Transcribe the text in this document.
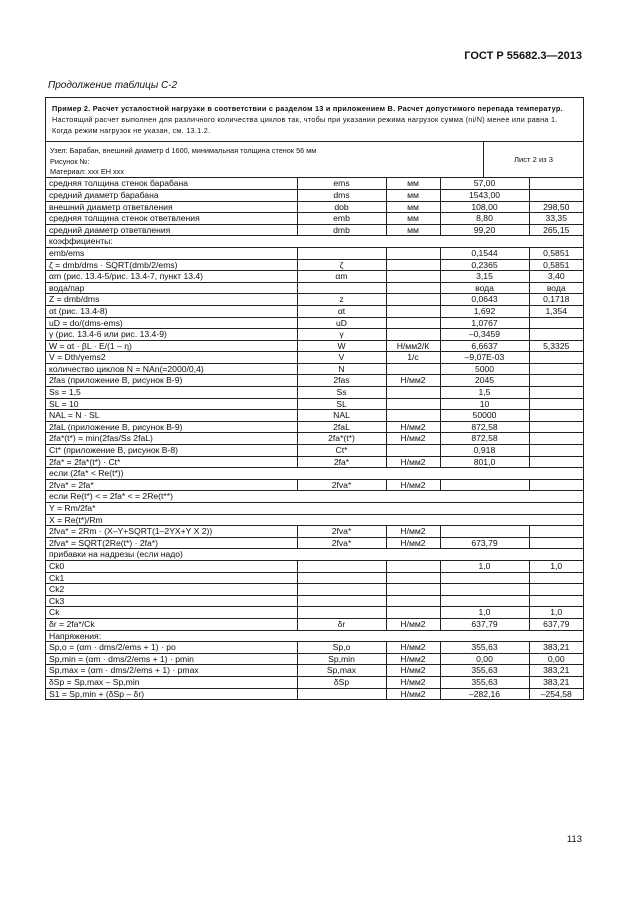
ГОСТ Р 55682.3—2013
Продолжение таблицы С-2
Пример 2. Расчет усталостной нагрузки в соответствии с разделом 13 и приложением В. Расчет допустимого перепада температур.
Настоящий расчет выполнен для различного количества циклов так, чтобы при указании режима нагрузок сумма (ni/N) менее или равна 1. Когда режим нагрузок не указан, см. 13.1.2.
Узел: Барабан, внешний диаметр d 1600, минимальная толщина стенок 56 мм
Рисунок №:
Материал: xxx EH xxx
Лист 2 из 3
средняя толщина стенок барабана	ems	мм	57,00	
средний диаметр барабана	dms	мм	1543,00	
внешний диаметр ответвления	dob	мм	108,00	298,50
средняя толщина стенок ответвления	emb	мм	8,80	33,35
средний диаметр ответвления	dmb	мм	99,20	265,15
коэффициенты:				
emb/ems			0,1544	0,5851
ζ = dmb/dms · SQRT(dmb/2/ems)	ζ		0,2365	0,5851
αm (рис. 13.4-5/рис. 13.4-7, пункт 13.4)	αm		3,15	3,40
вода/пар			вода	вода
Z = dmb/dms	z		0,0643	0,1718
αt (рис. 13.4-8)	αt		1,692	1,354
uD = do/(dms-ems)	uD		1,0767	
γ (рис. 13.4-6 или рис. 13.4-9)	γ		–0,3459	
W = αt · βL · E/(1 – η)	W	Н/мм2/К	6,6637	5,3325
V = Dth/γems2	V	1/с	–9,07E-03	
количество циклов N = NAn(=2000/0,4)	N		5000	
2fas (приложение В, рисунок В-9)	2fas	Н/мм2	2045	
Ss = 1,5	Ss		1,5	
SL = 10	SL		10	
NAL = N · SL	NAL		50000	
2faL (приложение В, рисунок В-9)	2faL	Н/мм2	872,58	
2fa*(t*) = min(2fas/Ss 2faL)	2fa*(t*)	Н/мм2	872,58	
Ct* (приложение В, рисунок В-8)	Ct*		0,918	
2fa* = 2fa*(t*) · Ct*	2fa*	Н/мм2	801,0	
если (2fa* < Re(t*))				
2fva* = 2fa*	2fva*	Н/мм2		
если Re(t*) < = 2fa* < = 2Re(t**)				
Y = Rm/2fa*				
X = Re(t*)/Rm				
2fva* = 2Rm · (X–Y+SQRT(1–2YX+Y X 2))	2fva*	Н/мм2		
2fva* = SQRT(2Re(t*) · 2fa*)	2fva*	Н/мм2	673,79	
прибавки на надрезы (если надо)				
Ck0			1,0	1,0
Ck1				
Ck2				
Ck3				
Ck			1,0	1,0
δr = 2fa*/Ck	δr	Н/мм2	637,79	637,79
Напряжения:				
Sp,o = (αm · dms/2/ems + 1) · po	Sp,o	Н/мм2	355,63	383,21
Sp,min = (αm · dms/2/ems + 1) · pmin	Sp,min	Н/мм2	0,00	0,00
Sp,max = (αm · dms/2/ems + 1) · pmax	Sp,max	Н/мм2	355,63	383,21
δSp = Sp,max – Sp,min	δSp	Н/мм2	355,63	383,21
S1 = Sp,min + (δSp – δr)		Н/мм2	–282,16	–254,58
113
